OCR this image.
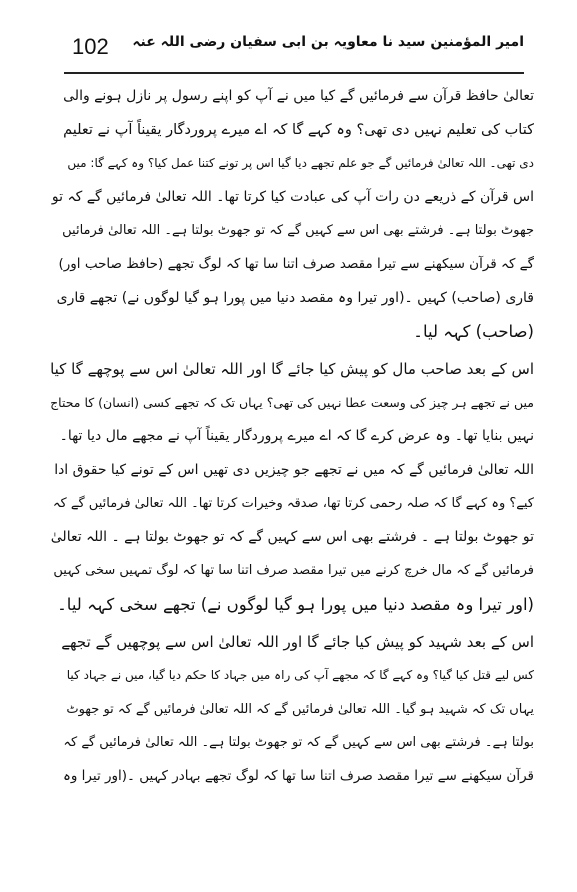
102 امیر المؤمنین سید نا معاویہ بن ابی سفیان رضی اللہ عنہ
تعالیٰ حافظ قرآن سے فرمائیں گے کیا میں نے آپ کو اپنے رسول پر نازل ہونے والی
کتاب کی تعلیم نہیں دی تھی؟ وہ کہے گا کہ اے میرے پروردگار یقیناً آپ نے تعلیم
دی تھی۔ اللہ تعالیٰ فرمائیں گے جو علم تجھے دیا گیا اس پر تونے کتنا عمل کیا؟ وہ کہے گا: میں
اس قرآن کے ذریعے دن رات آپ کی عبادت کیا کرتا تھا۔ اللہ تعالیٰ فرمائیں گے کہ تو
جھوٹ بولتا ہے۔ فرشتے بھی اس سے کہیں گے کہ تو جھوٹ بولتا ہے۔ اللہ تعالیٰ فرمائیں
گے کہ قرآن سیکھنے سے تیرا مقصد صرف اتنا سا تھا کہ لوگ تجھے (حافظ صاحب اور)
قاری (صاحب) کہیں ۔(اور تیرا وہ مقصد دنیا میں پورا ہو گیا لوگوں نے) تجھے قاری
(صاحب) کہہ لیا۔
اس کے بعد صاحب مال کو پیش کیا جائے گا اور اللہ تعالیٰ اس سے پوچھے گا کیا
میں نے تجھے ہر چیز کی وسعت عطا نہیں کی تھی؟ یہاں تک کہ تجھے کسی (انسان) کا محتاج
نہیں بنایا تھا۔ وہ عرض کرے گا کہ اے میرے پروردگار یقیناً آپ نے مجھے مال دیا تھا۔
اللہ تعالیٰ فرمائیں گے کہ میں نے تجھے جو چیزیں دی تھیں اس کے تونے کیا حقوق ادا
کیے؟ وہ کہے گا کہ صلہ رحمی کرتا تھا، صدقہ وخیرات کرتا تھا۔ اللہ تعالیٰ فرمائیں گے کہ
تو جھوٹ بولتا ہے ۔ فرشتے بھی اس سے کہیں گے کہ تو جھوٹ بولتا ہے ۔ اللہ تعالیٰ
فرمائیں گے کہ مال خرچ کرنے میں تیرا مقصد صرف اتنا سا تھا کہ لوگ تمہیں سخی کہیں
(اور تیرا وہ مقصد دنیا میں پورا ہو گیا لوگوں نے) تجھے سخی کہہ لیا۔
اس کے بعد شہید کو پیش کیا جائے گا اور اللہ تعالیٰ اس سے پوچھیں گے تجھے
کس لیے قتل کیا گیا؟ وہ کہے گا کہ مجھے آپ کی راہ میں جہاد کا حکم دیا گیا، میں نے جہاد کیا
یہاں تک کہ شہید ہو گیا۔ اللہ تعالیٰ فرمائیں گے کہ اللہ تعالیٰ فرمائیں گے کہ تو جھوٹ
بولتا ہے۔ فرشتے بھی اس سے کہیں گے کہ تو جھوٹ بولتا ہے۔ اللہ تعالیٰ فرمائیں گے کہ
قرآن سیکھنے سے تیرا مقصد صرف اتنا سا تھا کہ لوگ تجھے بہادر کہیں ۔(اور تیرا وہ
